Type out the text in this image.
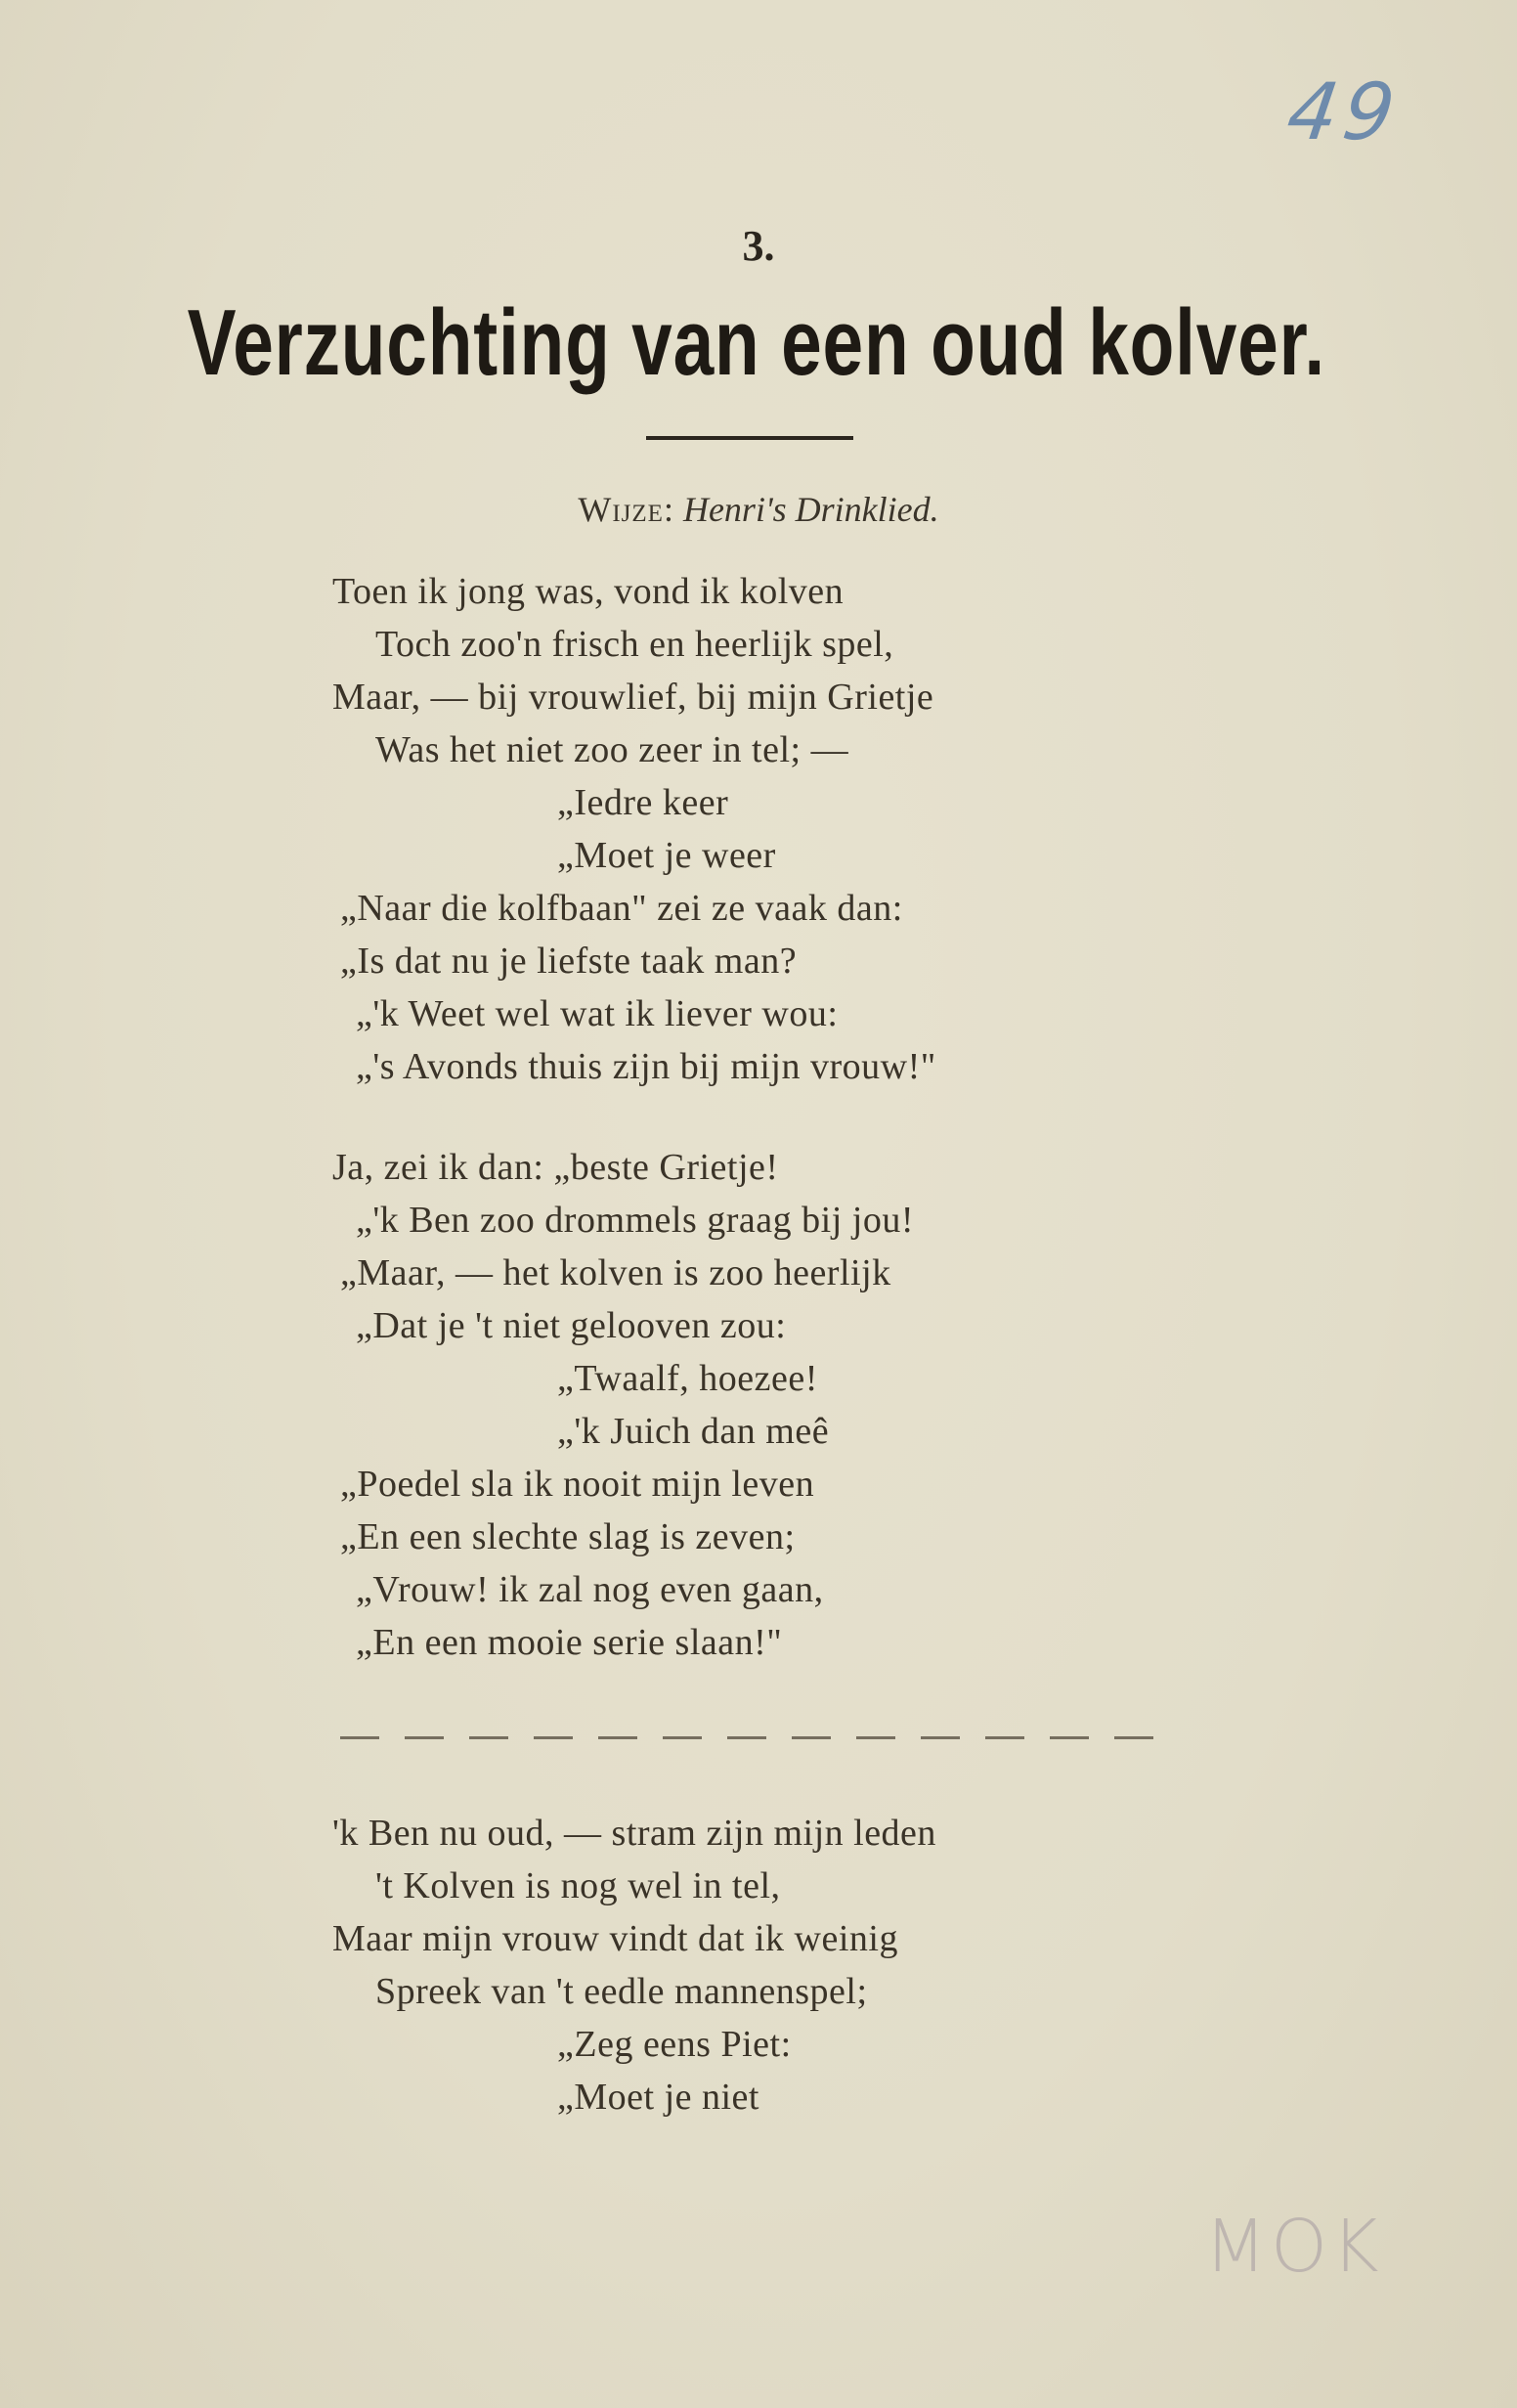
49
3.
Verzuchting van een oud kolver.
Wijze: Henri's Drinklied.
Toen ik jong was, vond ik kolven
Toch zoo'n frisch en heerlijk spel,
Maar, — bij vrouwlief, bij mijn Grietje
Was het niet zoo zeer in tel; —
„Iedre keer
„Moet je weer
„Naar die kolfbaan" zei ze vaak dan:
„Is dat nu je liefste taak man?
„'k Weet wel wat ik liever wou:
„'s Avonds thuis zijn bij mijn vrouw!"
Ja, zei ik dan: „beste Grietje!
„'k Ben zoo drommels graag bij jou!
„Maar, — het kolven is zoo heerlijk
„Dat je 't niet gelooven zou:
„Twaalf, hoezee!
„'k Juich dan meê
„Poedel sla ik nooit mijn leven
„En een slechte slag is zeven;
„Vrouw! ik zal nog even gaan,
„En een mooie serie slaan!"
'k Ben nu oud, — stram zijn mijn leden
't Kolven is nog wel in tel,
Maar mijn vrouw vindt dat ik weinig
Spreek van 't eedle mannenspel;
„Zeg eens Piet:
„Moet je niet
MOK
